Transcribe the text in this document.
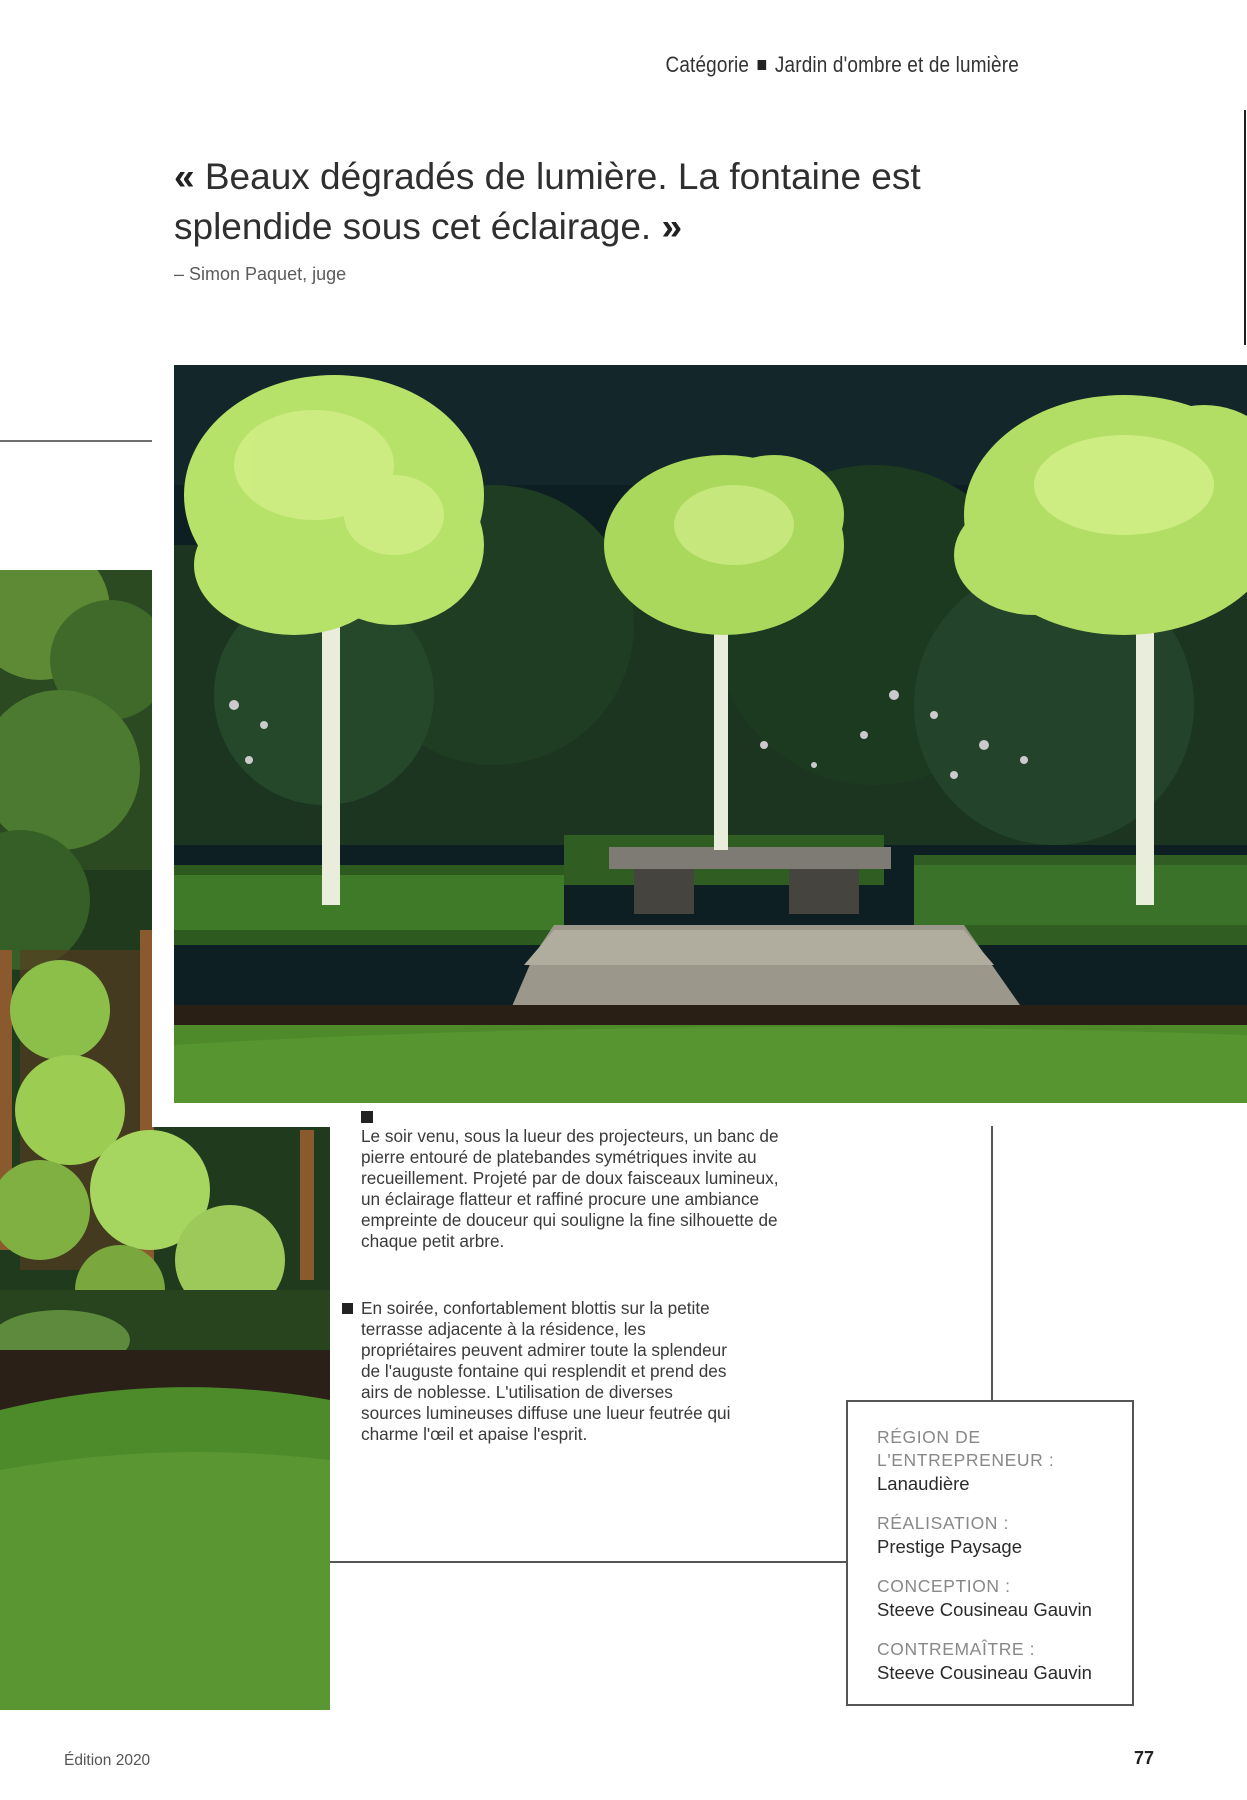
Catégorie Jardin d'ombre et de lumière
« Beaux dégradés de lumière. La fontaine est splendide sous cet éclairage. »
– Simon Paquet, juge
Le soir venu, sous la lueur des projecteurs, un banc de pierre entouré de platebandes symétriques invite au recueillement. Projeté par de doux faisceaux lumineux, un éclairage flatteur et raffiné procure une ambiance empreinte de douceur qui souligne la fine silhouette de chaque petit arbre.
En soirée, confortablement blottis sur la petite terrasse adjacente à la résidence, les propriétaires peuvent admirer toute la splendeur de l'auguste fontaine qui resplendit et prend des airs de noblesse. L'utilisation de diverses sources lumineuses diffuse une lueur feutrée qui charme l'œil et apaise l'esprit.	RÉGION DE L'ENTREPRENEUR :
Lanaudière
RÉALISATION :
Prestige Paysage
CONCEPTION :
Steeve Cousineau Gauvin
CONTREMAÎTRE :
Steeve Cousineau Gauvin
Édition 2020	77
